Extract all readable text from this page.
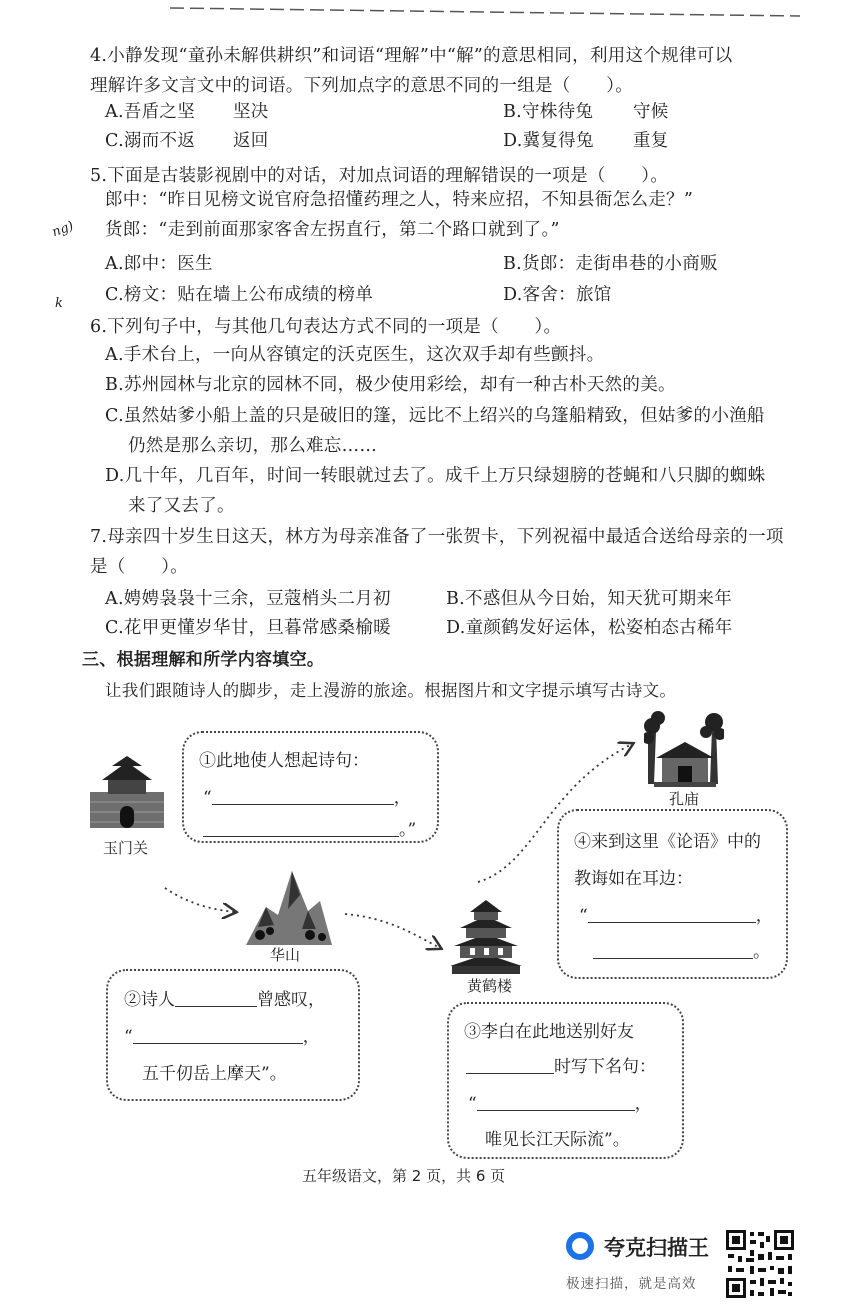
ng)
k
4.小静发现“童孙未解供耕织”和词语“理解”中“解”的意思相同，利用这个规律可以
理解许多文言文中的词语。下列加点字的意思不同的一组是（　　）。
A.吾盾之坚 坚决	B.守株待兔 守候
C.溺而不返 返回	D.冀复得兔 重复
5.下面是古装影视剧中的对话，对加点词语的理解错误的一项是（　　）。
郎中：“昨日见榜文说官府急招懂药理之人，特来应招，不知县衙怎么走？”
货郎：“走到前面那家客舍左拐直行，第二个路口就到了。”
A.郎中：医生	B.货郎：走街串巷的小商贩
C.榜文：贴在墙上公布成绩的榜单	D.客舍：旅馆
6.下列句子中，与其他几句表达方式不同的一项是（　　）。
A.手术台上，一向从容镇定的沃克医生，这次双手却有些颤抖。
B.苏州园林与北京的园林不同，极少使用彩绘，却有一种古朴天然的美。
C.虽然姑爹小船上盖的只是破旧的篷，远比不上绍兴的乌篷船精致，但姑爹的小渔船
仍然是那么亲切，那么难忘……
D.几十年，几百年，时间一转眼就过去了。成千上万只绿翅膀的苍蝇和八只脚的蜘蛛
来了又去了。
7.母亲四十岁生日这天，林方为母亲准备了一张贺卡，下列祝福中最适合送给母亲的一项
是（　　）。
A.娉娉袅袅十三余，豆蔻梢头二月初	B.不惑但从今日始，知天犹可期来年
C.花甲更懂岁华甘，旦暮常感桑榆暖	D.童颜鹤发好运体，松姿柏态古稀年
三、根据理解和所学内容填空。
让我们跟随诗人的脚步，走上漫游的旅途。根据图片和文字提示填写古诗文。
玉门关
华山
黄鹤楼
孔庙
①此地使人想起诗句：
“	，
。”
②诗人	曾感叹，
“	，
五千仞岳上摩天”。
③李白在此地送别好友
时写下名句：
“	，
唯见长江天际流”。
④来到这里《论语》中的
教诲如在耳边：
“	，
。
五年级语文，第 2 页，共 6 页
夸克扫描王
极速扫描，就是高效
